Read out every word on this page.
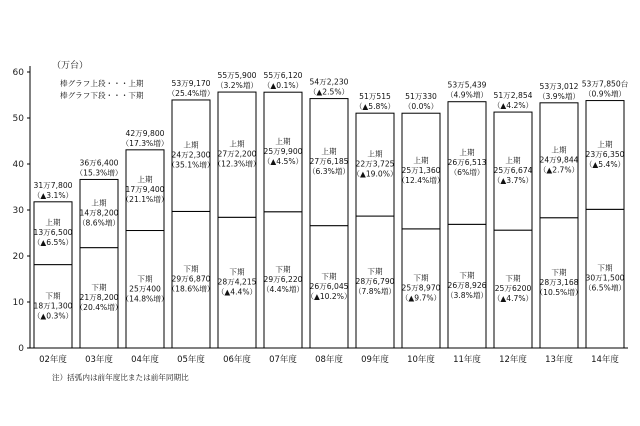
（万台）
棒グラフ上段・・・上期
棒グラフ下段・・・下期
0
10
20
30
40
50
60
31万7,800
（▲3.1%）
上期
13万6,500
（▲6.5%）
下期
18万1,300
（▲0.3%）
36万6,400
（15.3%増）
上期
14万8,200
（8.6%増）
下期
21万8,200
（20.4%増）
42万9,800
（17.3%増）
上期
17万9,400
（21.1%増）
下期
25万400
（14.8%増）
53万9,170
（25.4%増）
上期
24万2,300
（35.1%増）
下期
29万6,870
（18.6%増）
55万5,900
（3.2%増）
上期
27万2,200
（12.3%増）
下期
28万4,215
（▲4.4%）
55万6,120
（▲0.1%）
上期
25万9,900
（▲4.5%）
下期
29万6,220
（4.4%増）
54万2,230
（▲2.5%）
上期
27万6,185
（6.3%増）
下期
26万6,045
（▲10.2%）
51万515
（▲5.8%）
上期
22万3,725
（▲19.0%）
下期
28万6,790
（7.8%増）
51万330
（0.0%）
上期
25万1,360
（12.4%増）
下期
25万8,970
（▲9.7%）
53万5,439
（4.9%増）
上期
26万6,513
（6%増）
下期
26万8,926
（3.8%増）
51万2,854
（▲4.2%）
上期
25万6,674
（▲3.7%）
下期
25万6200
（▲4.7%）
53万3,012
（3.9%増）
上期
24万9,844
（▲2.7%）
下期
28万3,168
（10.5%増）
53万7,850台
（0.9%増）
上期
23万6,350
（▲5.4%）
下期
30万1,500
（6.5%増）
02年度 03年度 04年度 05年度 06年度 07年度 08年度 09年度 10年度 11年度 12年度 13年度 14年度
注）括弧内は前年度比または前年同期比
